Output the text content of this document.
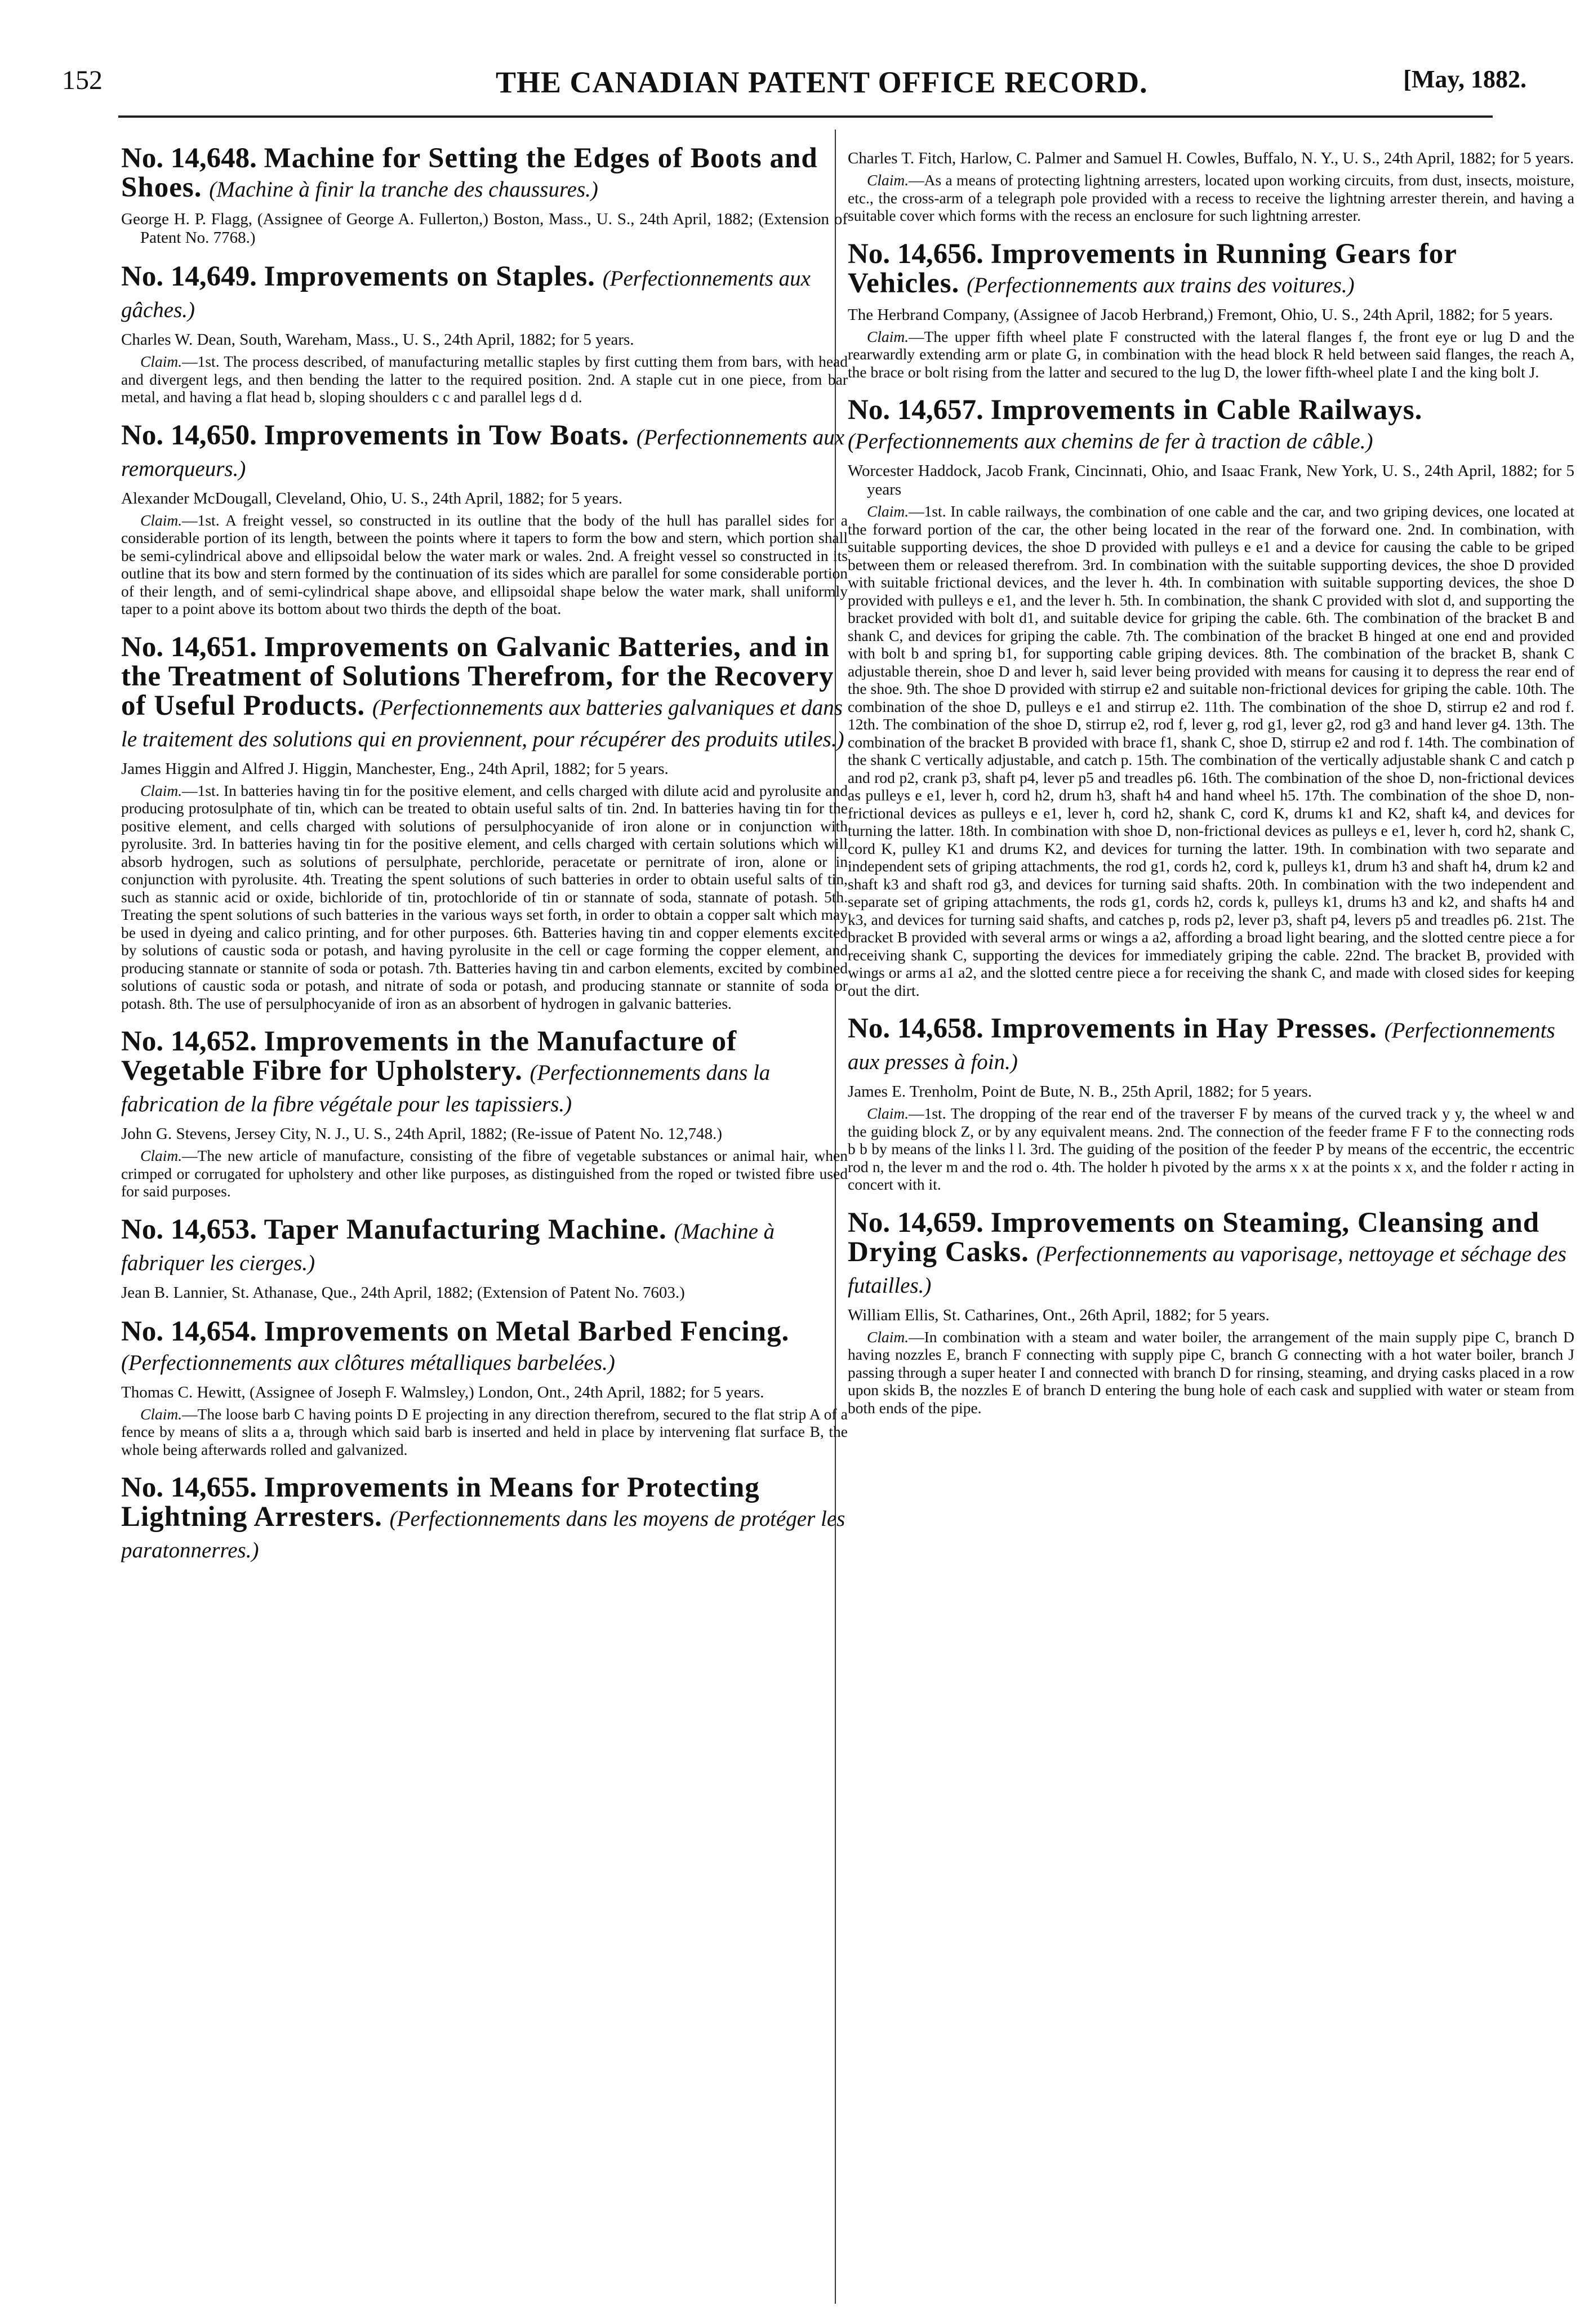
152	THE CANADIAN PATENT OFFICE RECORD.	[May, 1882.
No. 14,648. Machine for Setting the Edges of Boots and Shoes. (Machine à finir la tranche des chaussures.)
George H. P. Flagg, (Assignee of George A. Fullerton,) Boston, Mass., U. S., 24th April, 1882; (Extension of Patent No. 7768.)
No. 14,649. Improvements on Staples. (Perfectionnements aux gâches.)
Charles W. Dean, South, Wareham, Mass., U. S., 24th April, 1882; for 5 years.
Claim.—1st. The process described, of manufacturing metallic staples by first cutting them from bars, with head and divergent legs, and then bending the latter to the required position. 2nd. A staple cut in one piece, from bar metal, and having a flat head b, sloping shoulders c c and parallel legs d d.
No. 14,650. Improvements in Tow Boats. (Perfectionnements aux remorqueurs.)
Alexander McDougall, Cleveland, Ohio, U. S., 24th April, 1882; for 5 years.
Claim.—1st. A freight vessel, so constructed in its outline that the body of the hull has parallel sides for a considerable portion of its length, between the points where it tapers to form the bow and stern, which portion shall be semi-cylindrical above and ellipsoidal below the water mark or wales. 2nd. A freight vessel so constructed in its outline that its bow and stern formed by the continuation of its sides which are parallel for some considerable portion of their length, and of semi-cylindrical shape above, and ellipsoidal shape below the water mark, shall uniformly taper to a point above its bottom about two thirds the depth of the boat.
No. 14,651. Improvements on Galvanic Batteries, and in the Treatment of Solutions Therefrom, for the Recovery of Useful Products. (Perfectionnements aux batteries galvaniques et dans le traitement des solutions qui en proviennent, pour récupérer des produits utiles.)
James Higgin and Alfred J. Higgin, Manchester, Eng., 24th April, 1882; for 5 years.
Claim.—1st. In batteries having tin for the positive element, and cells charged with dilute acid and pyrolusite and producing protosulphate of tin, which can be treated to obtain useful salts of tin. 2nd. In batteries having tin for the positive element, and cells charged with solutions of persulphocyanide of iron alone or in conjunction with pyrolusite. 3rd. In batteries having tin for the positive element, and cells charged with certain solutions which will absorb hydrogen, such as solutions of persulphate, perchloride, peracetate or pernitrate of iron, alone or in conjunction with pyrolusite. 4th. Treating the spent solutions of such batteries in order to obtain useful salts of tin, such as stannic acid or oxide, bichloride of tin, protochloride of tin or stannate of soda, stannate of potash. 5th. Treating the spent solutions of such batteries in the various ways set forth, in order to obtain a copper salt which may be used in dyeing and calico printing, and for other purposes. 6th. Batteries having tin and copper elements excited by solutions of caustic soda or potash, and having pyrolusite in the cell or cage forming the copper element, and producing stannate or stannite of soda or potash. 7th. Batteries having tin and carbon elements, excited by combined solutions of caustic soda or potash, and nitrate of soda or potash, and producing stannate or stannite of soda or potash. 8th. The use of persulphocyanide of iron as an absorbent of hydrogen in galvanic batteries.
No. 14,652. Improvements in the Manufacture of Vegetable Fibre for Upholstery. (Perfectionnements dans la fabrication de la fibre végétale pour les tapissiers.)
John G. Stevens, Jersey City, N. J., U. S., 24th April, 1882; (Re-issue of Patent No. 12,748.)
Claim.—The new article of manufacture, consisting of the fibre of vegetable substances or animal hair, when crimped or corrugated for upholstery and other like purposes, as distinguished from the roped or twisted fibre used for said purposes.
No. 14,653. Taper Manufacturing Machine. (Machine à fabriquer les cierges.)
Jean B. Lannier, St. Athanase, Que., 24th April, 1882; (Extension of Patent No. 7603.)
No. 14,654. Improvements on Metal Barbed Fencing. (Perfectionnements aux clôtures métalliques barbelées.)
Thomas C. Hewitt, (Assignee of Joseph F. Walmsley,) London, Ont., 24th April, 1882; for 5 years.
Claim.—The loose barb C having points D E projecting in any direction therefrom, secured to the flat strip A of a fence by means of slits a a, through which said barb is inserted and held in place by intervening flat surface B, the whole being afterwards rolled and galvanized.
No. 14,655. Improvements in Means for Protecting Lightning Arresters. (Perfectionnements dans les moyens de protéger les paratonnerres.)
Charles T. Fitch, Harlow, C. Palmer and Samuel H. Cowles, Buffalo, N. Y., U. S., 24th April, 1882; for 5 years.
Claim.—As a means of protecting lightning arresters, located upon working circuits, from dust, insects, moisture, etc., the cross-arm of a telegraph pole provided with a recess to receive the lightning arrester therein, and having a suitable cover which forms with the recess an enclosure for such lightning arrester.
No. 14,656. Improvements in Running Gears for Vehicles. (Perfectionnements aux trains des voitures.)
The Herbrand Company, (Assignee of Jacob Herbrand,) Fremont, Ohio, U. S., 24th April, 1882; for 5 years.
Claim.—The upper fifth wheel plate F constructed with the lateral flanges f, the front eye or lug D and the rearwardly extending arm or plate G, in combination with the head block R held between said flanges, the reach A, the brace or bolt rising from the latter and secured to the lug D, the lower fifth-wheel plate I and the king bolt J.
No. 14,657. Improvements in Cable Railways. (Perfectionnements aux chemins de fer à traction de câble.)
Worcester Haddock, Jacob Frank, Cincinnati, Ohio, and Isaac Frank, New York, U. S., 24th April, 1882; for 5 years
Claim.—1st. In cable railways, the combination of one cable and the car, and two griping devices, one located at the forward portion of the car, the other being located in the rear of the forward one. 2nd. In combination, with suitable supporting devices, the shoe D provided with pulleys e e1 and a device for causing the cable to be griped between them or released therefrom. 3rd. In combination with the suitable supporting devices, the shoe D provided with suitable frictional devices, and the lever h. 4th. In combination with suitable supporting devices, the shoe D provided with pulleys e e1, and the lever h. 5th. In combination, the shank C provided with slot d, and supporting the bracket provided with bolt d1, and suitable device for griping the cable. 6th. The combination of the bracket B and shank C, and devices for griping the cable. 7th. The combination of the bracket B hinged at one end and provided with bolt b and spring b1, for supporting cable griping devices. 8th. The combination of the bracket B, shank C adjustable therein, shoe D and lever h, said lever being provided with means for causing it to depress the rear end of the shoe. 9th. The shoe D provided with stirrup e2 and suitable non-frictional devices for griping the cable. 10th. The combination of the shoe D, pulleys e e1 and stirrup e2. 11th. The combination of the shoe D, stirrup e2 and rod f. 12th. The combination of the shoe D, stirrup e2, rod f, lever g, rod g1, lever g2, rod g3 and hand lever g4. 13th. The combination of the bracket B provided with brace f1, shank C, shoe D, stirrup e2 and rod f. 14th. The combination of the shank C vertically adjustable, and catch p. 15th. The combination of the vertically adjustable shank C and catch p and rod p2, crank p3, shaft p4, lever p5 and treadles p6. 16th. The combination of the shoe D, non-frictional devices as pulleys e e1, lever h, cord h2, drum h3, shaft h4 and hand wheel h5. 17th. The combination of the shoe D, non-frictional devices as pulleys e e1, lever h, cord h2, shank C, cord K, drums k1 and K2, shaft k4, and devices for turning the latter. 18th. In combination with shoe D, non-frictional devices as pulleys e e1, lever h, cord h2, shank C, cord K, pulley K1 and drums K2, and devices for turning the latter. 19th. In combination with two separate and independent sets of griping attachments, the rod g1, cords h2, cord k, pulleys k1, drum h3 and shaft h4, drum k2 and shaft k3 and shaft rod g3, and devices for turning said shafts. 20th. In combination with the two independent and separate set of griping attachments, the rods g1, cords h2, cords k, pulleys k1, drums h3 and k2, and shafts h4 and k3, and devices for turning said shafts, and catches p, rods p2, lever p3, shaft p4, levers p5 and treadles p6. 21st. The bracket B provided with several arms or wings a a2, affording a broad light bearing, and the slotted centre piece a for receiving shank C, supporting the devices for immediately griping the cable. 22nd. The bracket B, provided with wings or arms a1 a2, and the slotted centre piece a for receiving the shank C, and made with closed sides for keeping out the dirt.
No. 14,658. Improvements in Hay Presses. (Perfectionnements aux presses à foin.)
James E. Trenholm, Point de Bute, N. B., 25th April, 1882; for 5 years.
Claim.—1st. The dropping of the rear end of the traverser F by means of the curved track y y, the wheel w and the guiding block Z, or by any equivalent means. 2nd. The connection of the feeder frame F F to the connecting rods b b by means of the links l l. 3rd. The guiding of the position of the feeder P by means of the eccentric, the eccentric rod n, the lever m and the rod o. 4th. The holder h pivoted by the arms x x at the points x x, and the folder r acting in concert with it.
No. 14,659. Improvements on Steaming, Cleansing and Drying Casks. (Perfectionnements au vaporisage, nettoyage et séchage des futailles.)
William Ellis, St. Catharines, Ont., 26th April, 1882; for 5 years.
Claim.—In combination with a steam and water boiler, the arrangement of the main supply pipe C, branch D having nozzles E, branch F connecting with supply pipe C, branch G connecting with a hot water boiler, branch J passing through a super heater I and connected with branch D for rinsing, steaming, and drying casks placed in a row upon skids B, the nozzles E of branch D entering the bung hole of each cask and supplied with water or steam from both ends of the pipe.
